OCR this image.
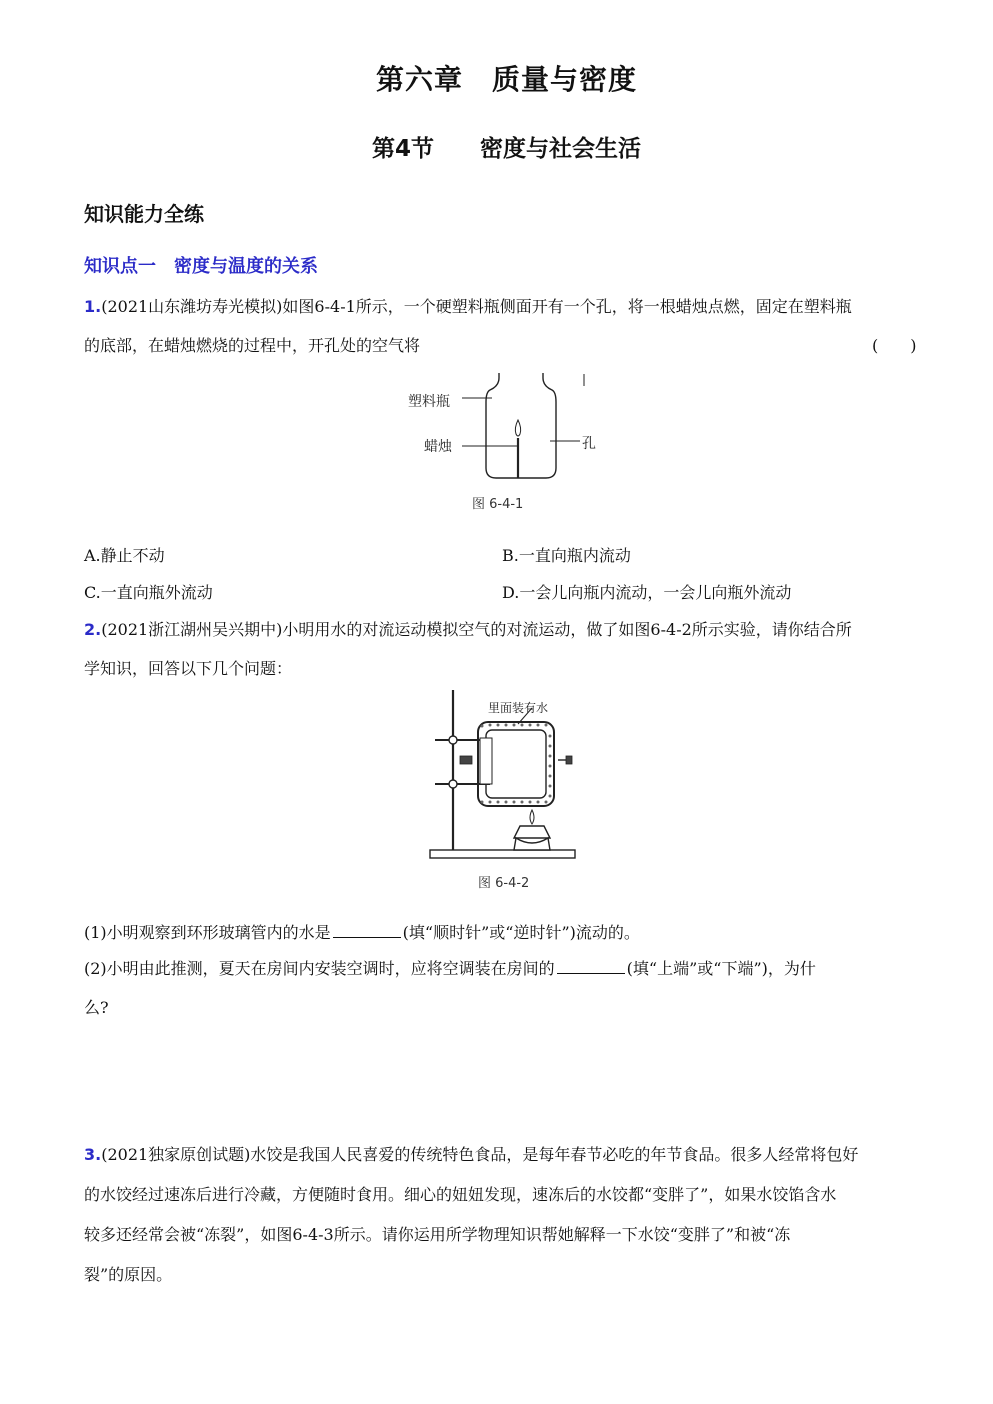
第六章　质量与密度
第4节　　密度与社会生活
知识能力全练
知识点一　密度与温度的关系
1.(2021山东潍坊寿光模拟)如图6-4-1所示，一个硬塑料瓶侧面开有一个孔，将一根蜡烛点燃，固定在塑料瓶
的底部，在蜡烛燃烧的过程中，开孔处的空气将	(　　)
塑料瓶
蜡烛	孔
图 6-4-1
A.静止不动	B.一直向瓶内流动
C.一直向瓶外流动	D.一会儿向瓶内流动，一会儿向瓶外流动
2.(2021浙江湖州吴兴期中)小明用水的对流运动模拟空气的对流运动，做了如图6-4-2所示实验，请你结合所
学知识，回答以下几个问题：
里面装有水
图 6-4-2
(1)小明观察到环形玻璃管内的水是	(填“顺时针”或“逆时针”)流动的。
(2)小明由此推测，夏天在房间内安装空调时，应将空调装在房间的	(填“上端”或“下端”)，为什
么?
3.(2021独家原创试题)水饺是我国人民喜爱的传统特色食品，是每年春节必吃的年节食品。很多人经常将包好
的水饺经过速冻后进行冷藏，方便随时食用。细心的妞妞发现，速冻后的水饺都“变胖了”，如果水饺馅含水
较多还经常会被“冻裂”，如图6-4-3所示。请你运用所学物理知识帮她解释一下水饺“变胖了”和被“冻
裂”的原因。
